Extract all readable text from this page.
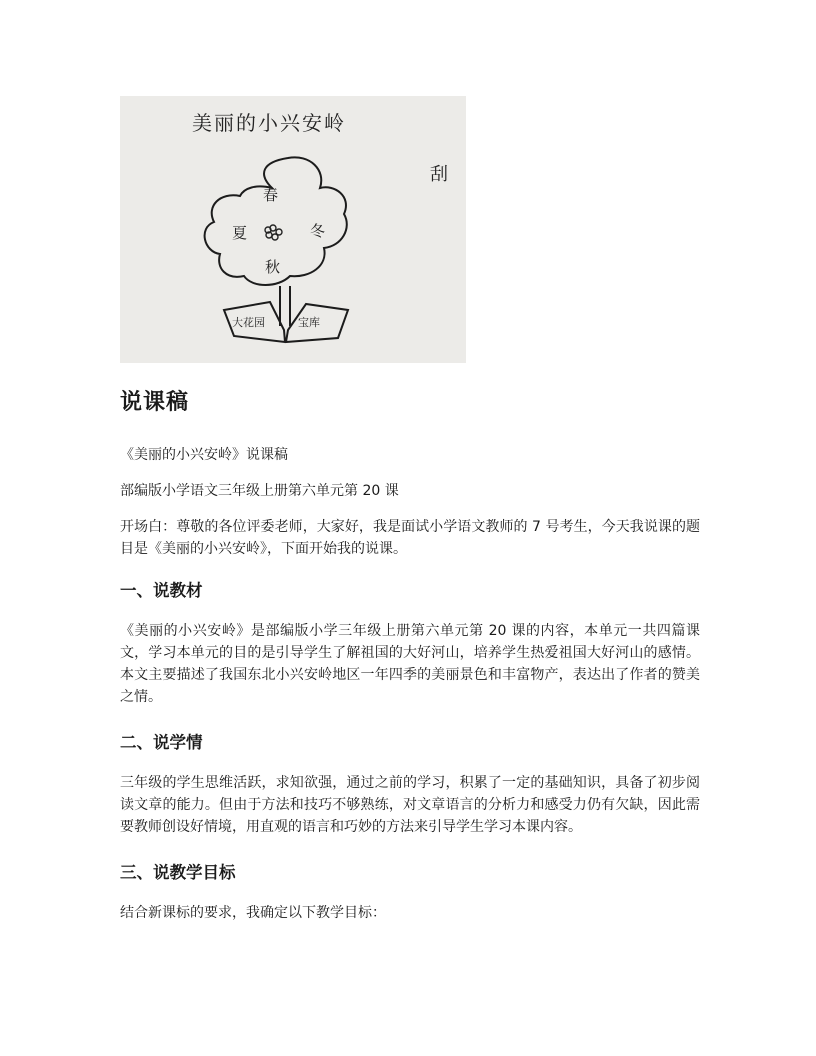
美丽的小兴安岭
刮
春
夏	冬
秋
大花园	宝库
说课稿
《美丽的小兴安岭》说课稿
部编版小学语文三年级上册第六单元第 20 课
开场白：尊敬的各位评委老师，大家好，我是面试小学语文教师的 7 号考生，今天我说课的题目是《美丽的小兴安岭》，下面开始我的说课。
一、说教材
《美丽的小兴安岭》是部编版小学三年级上册第六单元第 20 课的内容，本单元一共四篇课文，学习本单元的目的是引导学生了解祖国的大好河山，培养学生热爱祖国大好河山的感情。本文主要描述了我国东北小兴安岭地区一年四季的美丽景色和丰富物产，表达出了作者的赞美之情。
二、说学情
三年级的学生思维活跃，求知欲强，通过之前的学习，积累了一定的基础知识，具备了初步阅读文章的能力。但由于方法和技巧不够熟练，对文章语言的分析力和感受力仍有欠缺，因此需要教师创设好情境，用直观的语言和巧妙的方法来引导学生学习本课内容。
三、说教学目标
结合新课标的要求，我确定以下教学目标：
